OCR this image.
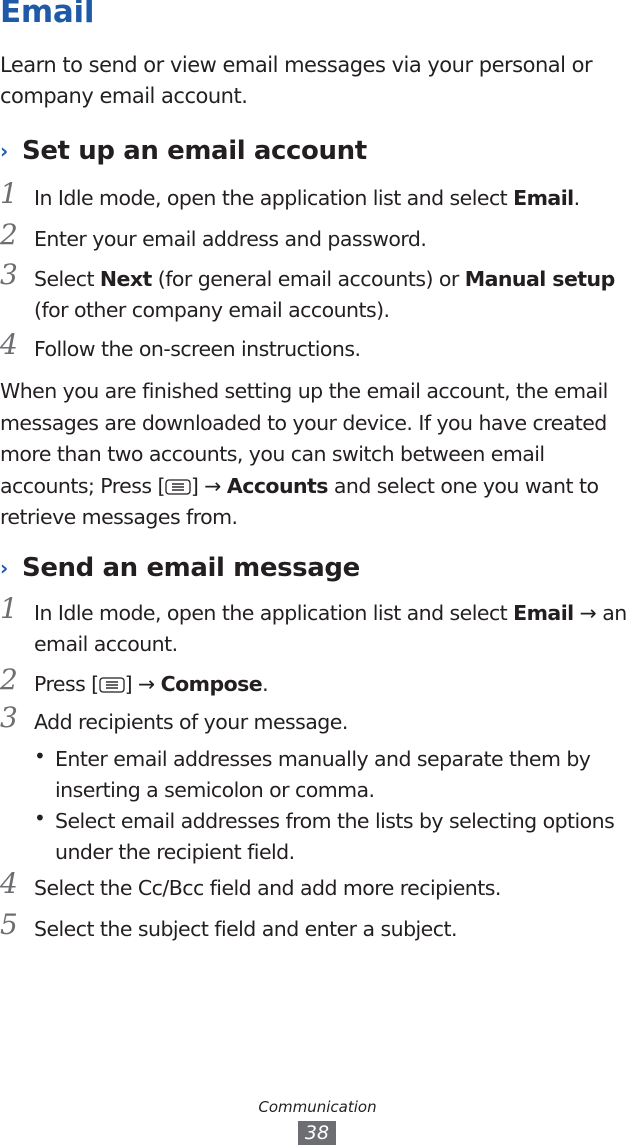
Email

Learn to send or view email messages via your personal or company email account.

› Set up an email account
1 In Idle mode, open the application list and select Email.
2 Enter your email address and password.
3 Select Next (for general email accounts) or Manual setup (for other company email accounts).
4 Follow the on-screen instructions.

When you are finished setting up the email account, the email messages are downloaded to your device. If you have created more than two accounts, you can switch between email accounts; Press [ ] → Accounts and select one you want to retrieve messages from.

› Send an email message
1 In Idle mode, open the application list and select Email → an email account.
2 Press [ ] → Compose.
3 Add recipients of your message.
• Enter email addresses manually and separate them by inserting a semicolon or comma.
• Select email addresses from the lists by selecting options under the recipient field.
4 Select the Cc/Bcc field and add more recipients.
5 Select the subject field and enter a subject.
Communication
38
